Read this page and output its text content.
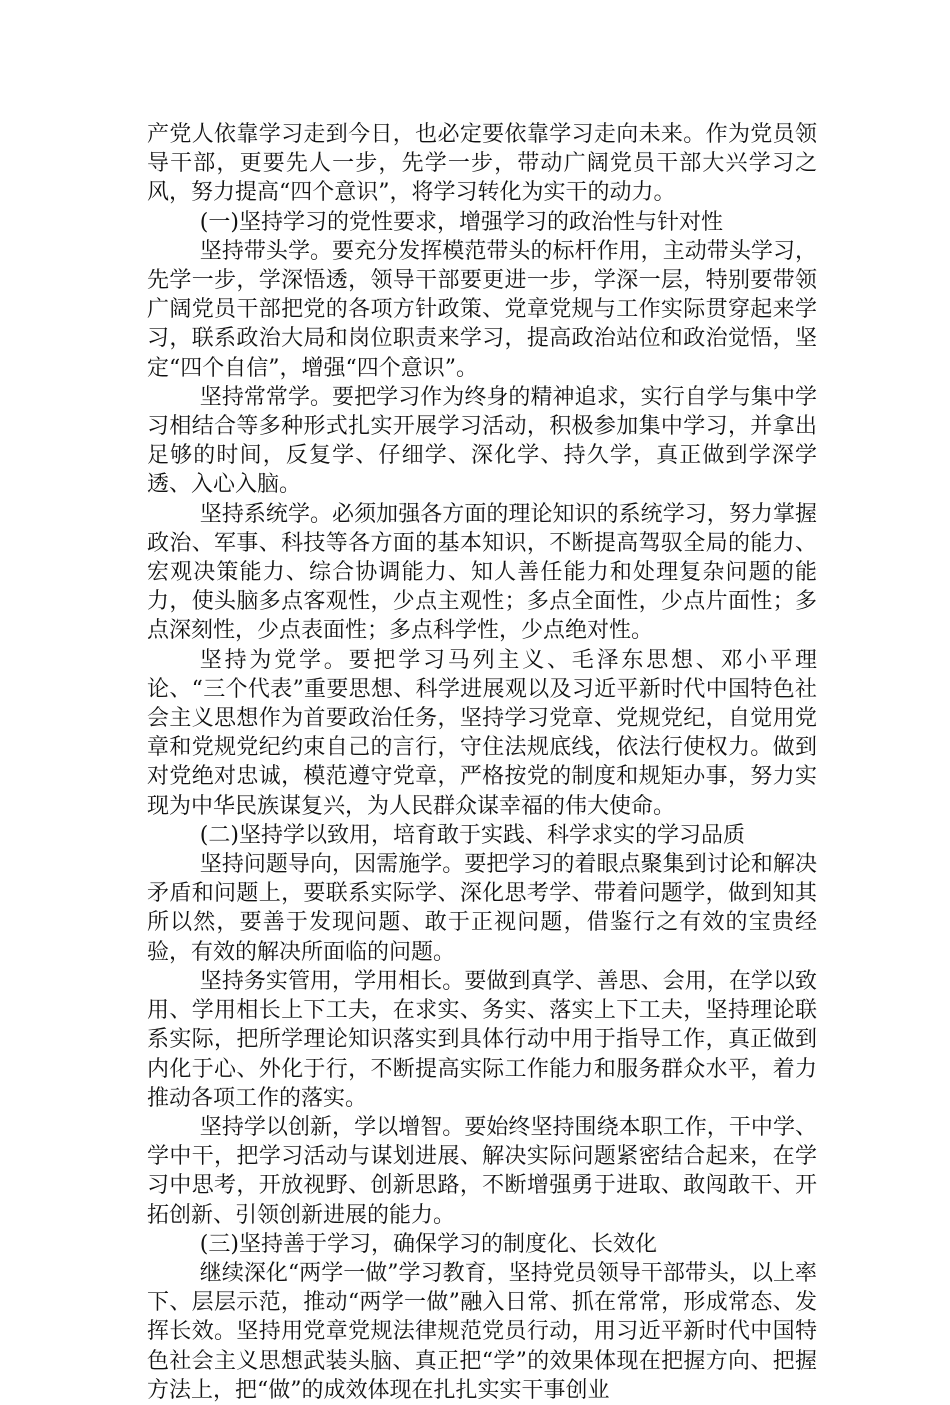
产党人依靠学习走到今日，也必定要依靠学习走向未来。作为党员领导干部，更要先人一步，先学一步，带动广阔党员干部大兴学习之风，努力提高“四个意识”，将学习转化为实干的动力。

(一)坚持学习的党性要求，增强学习的政治性与针对性

坚持带头学。要充分发挥模范带头的标杆作用，主动带头学习，先学一步，学深悟透，领导干部要更进一步，学深一层，特别要带领广阔党员干部把党的各项方针政策、党章党规与工作实际贯穿起来学习，联系政治大局和岗位职责来学习，提高政治站位和政治觉悟，坚定“四个自信”，增强“四个意识”。

坚持常常学。要把学习作为终身的精神追求，实行自学与集中学习相结合等多种形式扎实开展学习活动，积极参加集中学习，并拿出足够的时间，反复学、仔细学、深化学、持久学，真正做到学深学透、入心入脑。

坚持系统学。必须加强各方面的理论知识的系统学习，努力掌握政治、军事、科技等各方面的基本知识，不断提高驾驭全局的能力、宏观决策能力、综合协调能力、知人善任能力和处理复杂问题的能力，使头脑多点客观性，少点主观性；多点全面性，少点片面性；多点深刻性，少点表面性；多点科学性，少点绝对性。

坚持为党学。要把学习马列主义、毛泽东思想、邓小平理论、“三个代表”重要思想、科学进展观以及习近平新时代中国特色社会主义思想作为首要政治任务，坚持学习党章、党规党纪，自觉用党章和党规党纪约束自己的言行，守住法规底线，依法行使权力。做到对党绝对忠诚，模范遵守党章，严格按党的制度和规矩办事，努力实现为中华民族谋复兴，为人民群众谋幸福的伟大使命。

(二)坚持学以致用，培育敢于实践、科学求实的学习品质

坚持问题导向，因需施学。要把学习的着眼点聚集到讨论和解决矛盾和问题上，要联系实际学、深化思考学、带着问题学，做到知其所以然，要善于发现问题、敢于正视问题，借鉴行之有效的宝贵经验，有效的解决所面临的问题。

坚持务实管用，学用相长。要做到真学、善思、会用，在学以致用、学用相长上下工夫，在求实、务实、落实上下工夫，坚持理论联系实际，把所学理论知识落实到具体行动中用于指导工作，真正做到内化于心、外化于行，不断提高实际工作能力和服务群众水平，着力推动各项工作的落实。

坚持学以创新，学以增智。要始终坚持围绕本职工作，干中学、学中干，把学习活动与谋划进展、解决实际问题紧密结合起来，在学习中思考，开放视野、创新思路，不断增强勇于进取、敢闯敢干、开拓创新、引领创新进展的能力。

(三)坚持善于学习，确保学习的制度化、长效化

继续深化“两学一做”学习教育，坚持党员领导干部带头，以上率下、层层示范，推动“两学一做”融入日常、抓在常常，形成常态、发挥长效。坚持用党章党规法律规范党员行动，用习近平新时代中国特色社会主义思想武装头脑、真正把“学”的效果体现在把握方向、把握方法上，把“做”的成效体现在扎扎实实干事创业
